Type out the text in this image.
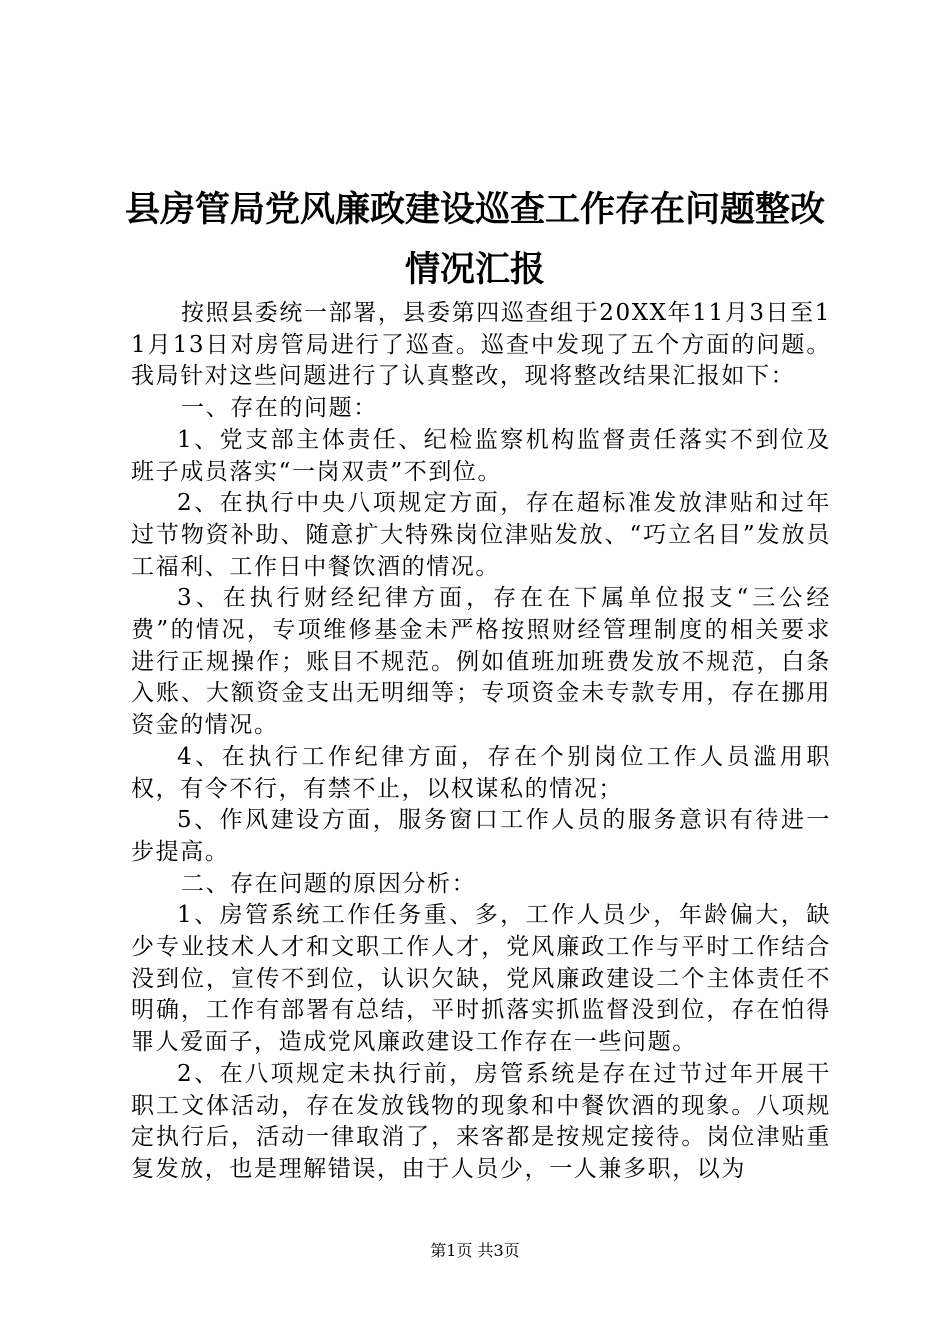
县房管局党风廉政建设巡查工作存在问题整改
情况汇报

按照县委统一部署，县委第四巡查组于20XX年11月3日至11月13日对房管局进行了巡查。巡查中发现了五个方面的问题。我局针对这些问题进行了认真整改，现将整改结果汇报如下：

一、存在的问题：

1、党支部主体责任、纪检监察机构监督责任落实不到位及班子成员落实“一岗双责”不到位。

2、在执行中央八项规定方面，存在超标准发放津贴和过年过节物资补助、随意扩大特殊岗位津贴发放、“巧立名目”发放员工福利、工作日中餐饮酒的情况。

3、在执行财经纪律方面，存在在下属单位报支“三公经费”的情况，专项维修基金未严格按照财经管理制度的相关要求进行正规操作；账目不规范。例如值班加班费发放不规范，白条入账、大额资金支出无明细等；专项资金未专款专用，存在挪用资金的情况。

4、在执行工作纪律方面，存在个别岗位工作人员滥用职权，有令不行，有禁不止，以权谋私的情况；

5、作风建设方面，服务窗口工作人员的服务意识有待进一步提高。

二、存在问题的原因分析：

1、房管系统工作任务重、多，工作人员少，年龄偏大，缺少专业技术人才和文职工作人才，党风廉政工作与平时工作结合没到位，宣传不到位，认识欠缺，党风廉政建设二个主体责任不明确，工作有部署有总结，平时抓落实抓监督没到位，存在怕得罪人爱面子，造成党风廉政建设工作存在一些问题。

2、在八项规定未执行前，房管系统是存在过节过年开展干职工文体活动，存在发放钱物的现象和中餐饮酒的现象。八项规定执行后，活动一律取消了，来客都是按规定接待。岗位津贴重复发放，也是理解错误，由于人员少，一人兼多职，以为

第1页 共3页
